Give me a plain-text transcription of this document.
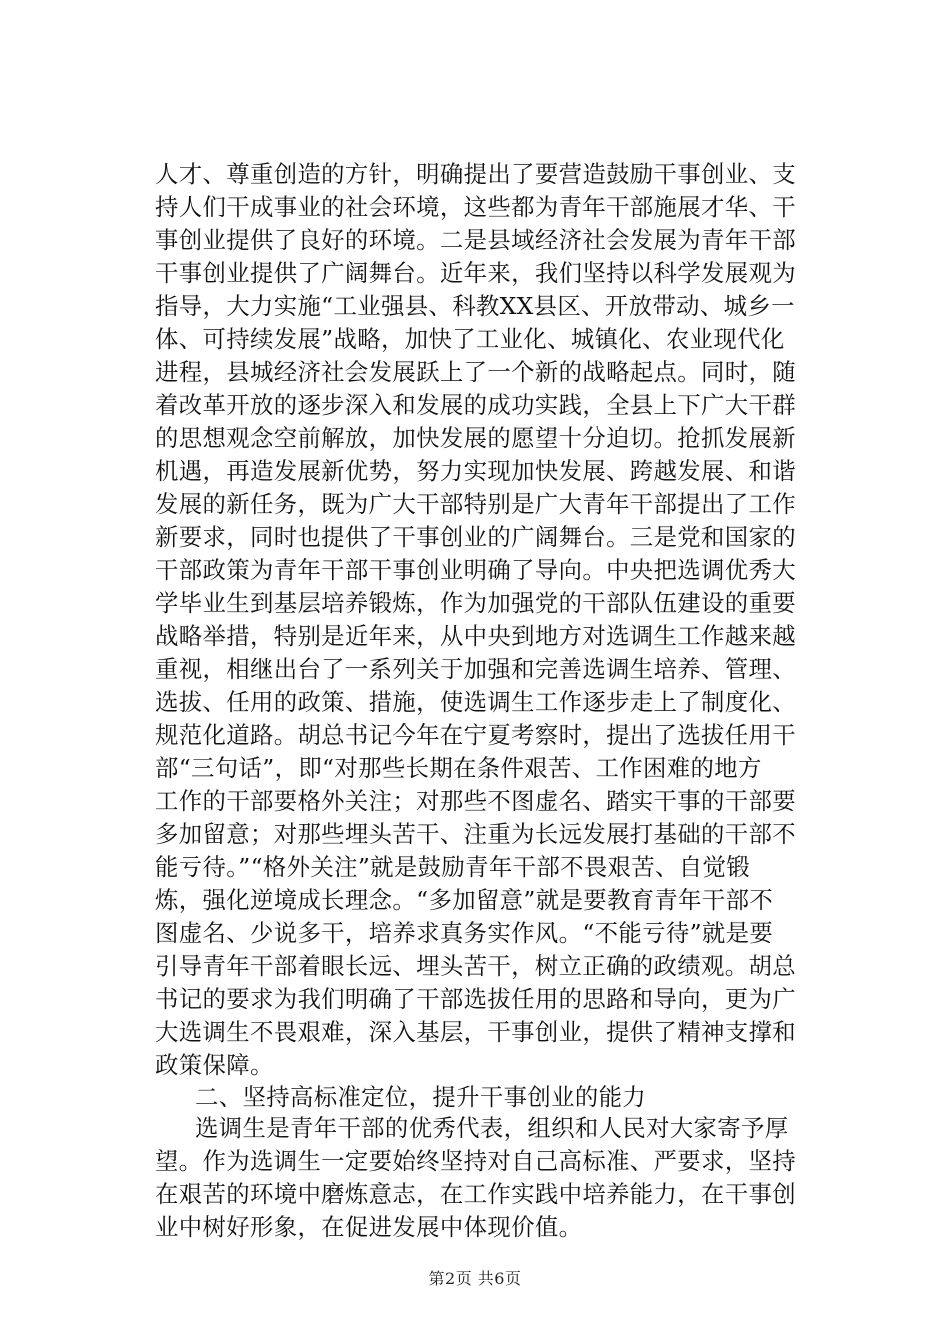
人才、尊重创造的方针，明确提出了要营造鼓励干事创业、支
持人们干成事业的社会环境，这些都为青年干部施展才华、干
事创业提供了良好的环境。二是县域经济社会发展为青年干部
干事创业提供了广阔舞台。近年来，我们坚持以科学发展观为
指导，大力实施“工业强县、科教XX县区、开放带动、城乡一
体、可持续发展”战略，加快了工业化、城镇化、农业现代化
进程，县城经济社会发展跃上了一个新的战略起点。同时，随
着改革开放的逐步深入和发展的成功实践，全县上下广大干群
的思想观念空前解放，加快发展的愿望十分迫切。抢抓发展新
机遇，再造发展新优势，努力实现加快发展、跨越发展、和谐
发展的新任务，既为广大干部特别是广大青年干部提出了工作
新要求，同时也提供了干事创业的广阔舞台。三是党和国家的
干部政策为青年干部干事创业明确了导向。中央把选调优秀大
学毕业生到基层培养锻炼，作为加强党的干部队伍建设的重要
战略举措，特别是近年来，从中央到地方对选调生工作越来越
重视，相继出台了一系列关于加强和完善选调生培养、管理、
选拔、任用的政策、措施，使选调生工作逐步走上了制度化、
规范化道路。胡总书记今年在宁夏考察时，提出了选拔任用干
部“三句话”，即“对那些长期在条件艰苦、工作困难的地方
工作的干部要格外关注；对那些不图虚名、踏实干事的干部要
多加留意；对那些埋头苦干、注重为长远发展打基础的干部不
能亏待。”“格外关注”就是鼓励青年干部不畏艰苦、自觉锻
炼，强化逆境成长理念。“多加留意”就是要教育青年干部不
图虚名、少说多干，培养求真务实作风。“不能亏待”就是要
引导青年干部着眼长远、埋头苦干，树立正确的政绩观。胡总
书记的要求为我们明确了干部选拔任用的思路和导向，更为广
大选调生不畏艰难，深入基层，干事创业，提供了精神支撑和
政策保障。
二、坚持高标准定位，提升干事创业的能力
选调生是青年干部的优秀代表，组织和人民对大家寄予厚
望。作为选调生一定要始终坚持对自己高标准、严要求，坚持
在艰苦的环境中磨炼意志，在工作实践中培养能力，在干事创
业中树好形象，在促进发展中体现价值。
第2页 共6页
